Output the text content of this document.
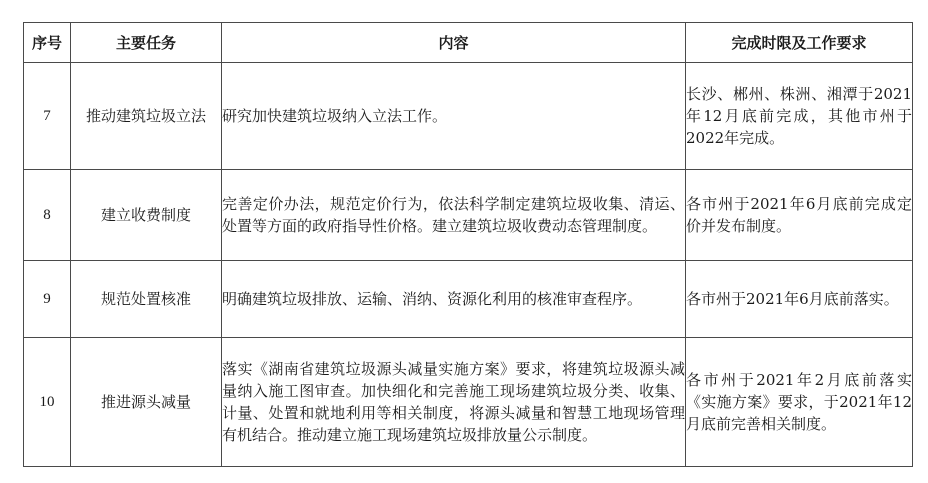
序号	主要任务	内容	完成时限及工作要求
7	推动建筑垃圾立法	研究加快建筑垃圾纳入立法工作。	长沙、郴州、株洲、湘潭于2021年12月底前完成，其他市州于2022年完成。
8	建立收费制度	完善定价办法，规范定价行为，依法科学制定建筑垃圾收集、清运、处置等方面的政府指导性价格。建立建筑垃圾收费动态管理制度。	各市州于2021年6月底前完成定价并发布制度。
9	规范处置核准	明确建筑垃圾排放、运输、消纳、资源化利用的核准审查程序。	各市州于2021年6月底前落实。
10	推进源头减量	落实《湖南省建筑垃圾源头减量实施方案》要求，将建筑垃圾源头减量纳入施工图审查。加快细化和完善施工现场建筑垃圾分类、收集、计量、处置和就地利用等相关制度，将源头减量和智慧工地现场管理有机结合。推动建立施工现场建筑垃圾排放量公示制度。	各市州于2021年2月底前落实《实施方案》要求，于2021年12月底前完善相关制度。
